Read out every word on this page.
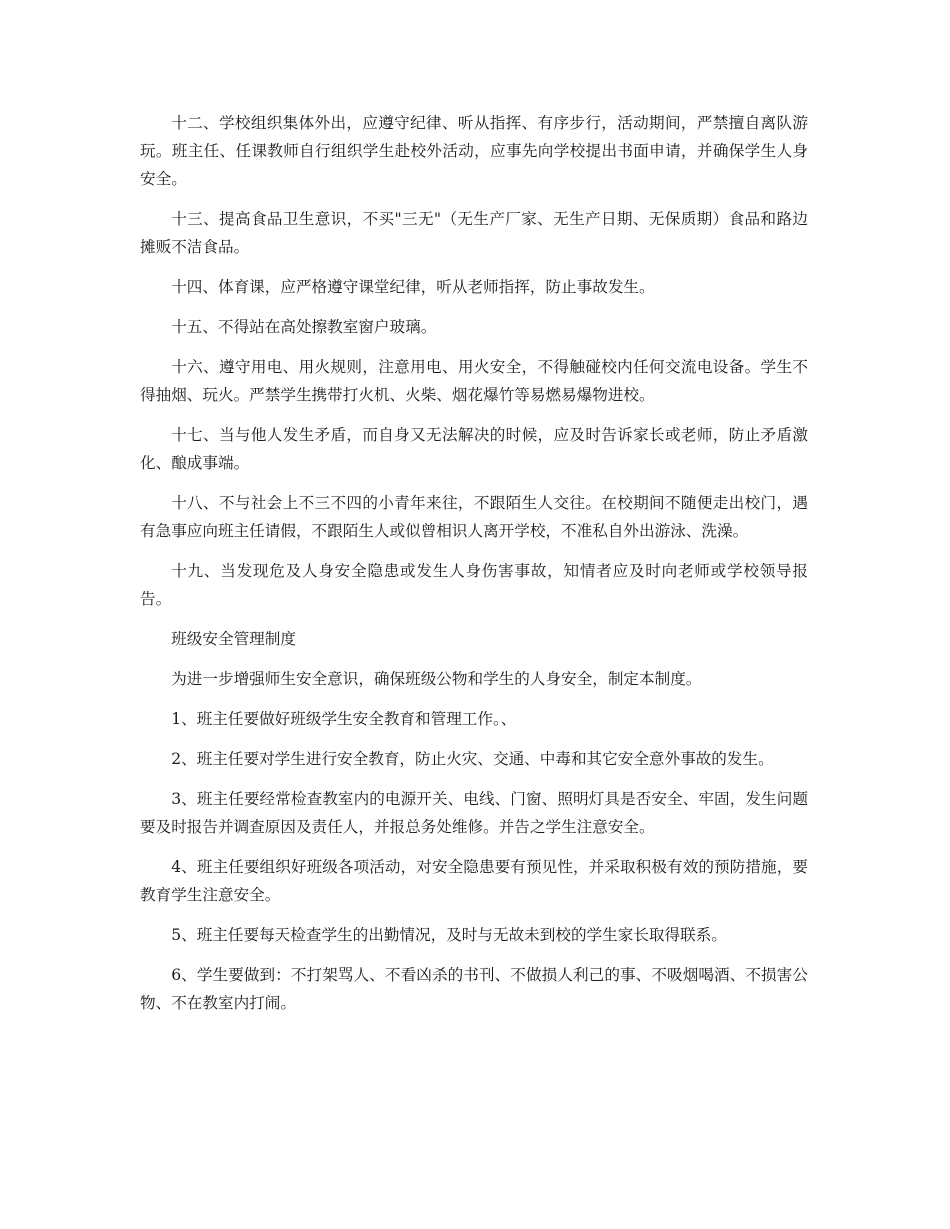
十二、学校组织集体外出，应遵守纪律、听从指挥、有序步行，活动期间，严禁擅自离队游玩。班主任、任课教师自行组织学生赴校外活动，应事先向学校提出书面申请，并确保学生人身安全。

十三、提高食品卫生意识，不买"三无"（无生产厂家、无生产日期、无保质期）食品和路边摊贩不洁食品。

十四、体育课，应严格遵守课堂纪律，听从老师指挥，防止事故发生。

十五、不得站在高处擦教室窗户玻璃。

十六、遵守用电、用火规则，注意用电、用火安全，不得触碰校内任何交流电设备。学生不得抽烟、玩火。严禁学生携带打火机、火柴、烟花爆竹等易燃易爆物进校。

十七、当与他人发生矛盾，而自身又无法解决的时候，应及时告诉家长或老师，防止矛盾激化、酿成事端。

十八、不与社会上不三不四的小青年来往，不跟陌生人交往。在校期间不随便走出校门，遇有急事应向班主任请假，不跟陌生人或似曾相识人离开学校，不准私自外出游泳、洗澡。

十九、当发现危及人身安全隐患或发生人身伤害事故，知情者应及时向老师或学校领导报告。

班级安全管理制度

为进一步增强师生安全意识，确保班级公物和学生的人身安全，制定本制度。

1、班主任要做好班级学生安全教育和管理工作。、

2、班主任要对学生进行安全教育，防止火灾、交通、中毒和其它安全意外事故的发生。

3、班主任要经常检查教室内的电源开关、电线、门窗、照明灯具是否安全、牢固，发生问题要及时报告并调查原因及责任人，并报总务处维修。并告之学生注意安全。

4、班主任要组织好班级各项活动，对安全隐患要有预见性，并采取积极有效的预防措施，要教育学生注意安全。

5、班主任要每天检查学生的出勤情况，及时与无故未到校的学生家长取得联系。

6、学生要做到：不打架骂人、不看凶杀的书刊、不做损人利己的事、不吸烟喝酒、不损害公物、不在教室内打闹。
